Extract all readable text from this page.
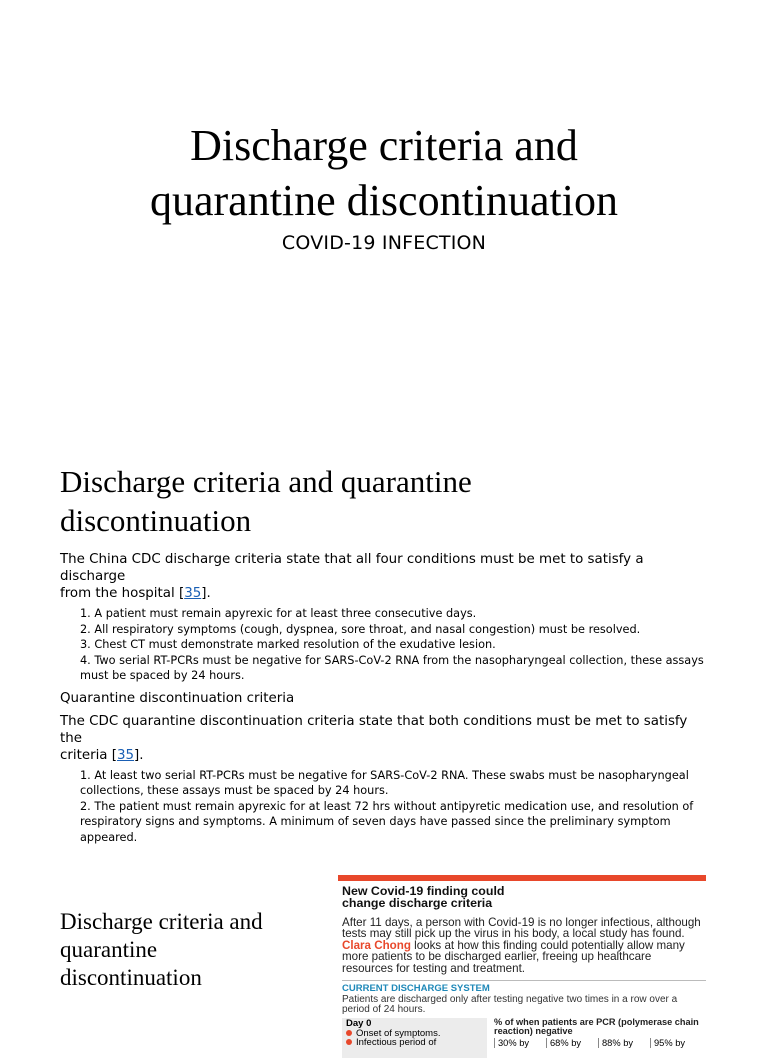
Discharge criteria and
quarantine discontinuation
COVID-19 INFECTION
Discharge criteria and quarantine
discontinuation

The China CDC discharge criteria state that all four conditions must be met to satisfy a discharge
from the hospital [35].

1. A patient must remain apyrexic for at least three consecutive days.
2. All respiratory symptoms (cough, dyspnea, sore throat, and nasal congestion) must be resolved.
3. Chest CT must demonstrate marked resolution of the exudative lesion.
4. Two serial RT-PCRs must be negative for SARS-CoV-2 RNA from the nasopharyngeal collection, these assays must be spaced by 24 hours.

Quarantine discontinuation criteria

The CDC quarantine discontinuation criteria state that both conditions must be met to satisfy the
criteria [35].

1. At least two serial RT-PCRs must be negative for SARS-CoV-2 RNA. These swabs must be nasopharyngeal collections, these assays must be spaced by 24 hours.
2. The patient must remain apyrexic for at least 72 hrs without antipyretic medication use, and resolution of respiratory signs and symptoms. A minimum of seven days have passed since the preliminary symptom appeared.
Discharge criteria and
quarantine
discontinuation
New Covid-19 finding could
change discharge criteria
After 11 days, a person with Covid-19 is no longer infectious, although tests may still pick up the virus in his body, a local study has found. Clara Chong looks at how this finding could potentially allow many more patients to be discharged earlier, freeing up healthcare resources for testing and treatment.
CURRENT DISCHARGE SYSTEM
Patients are discharged only after testing negative two times in a row over a period of 24 hours.
Day 0
Onset of symptoms.
Infectious period of
% of when patients are PCR (polymerase chain reaction) negative
30% by	68% by	88% by	95% by
